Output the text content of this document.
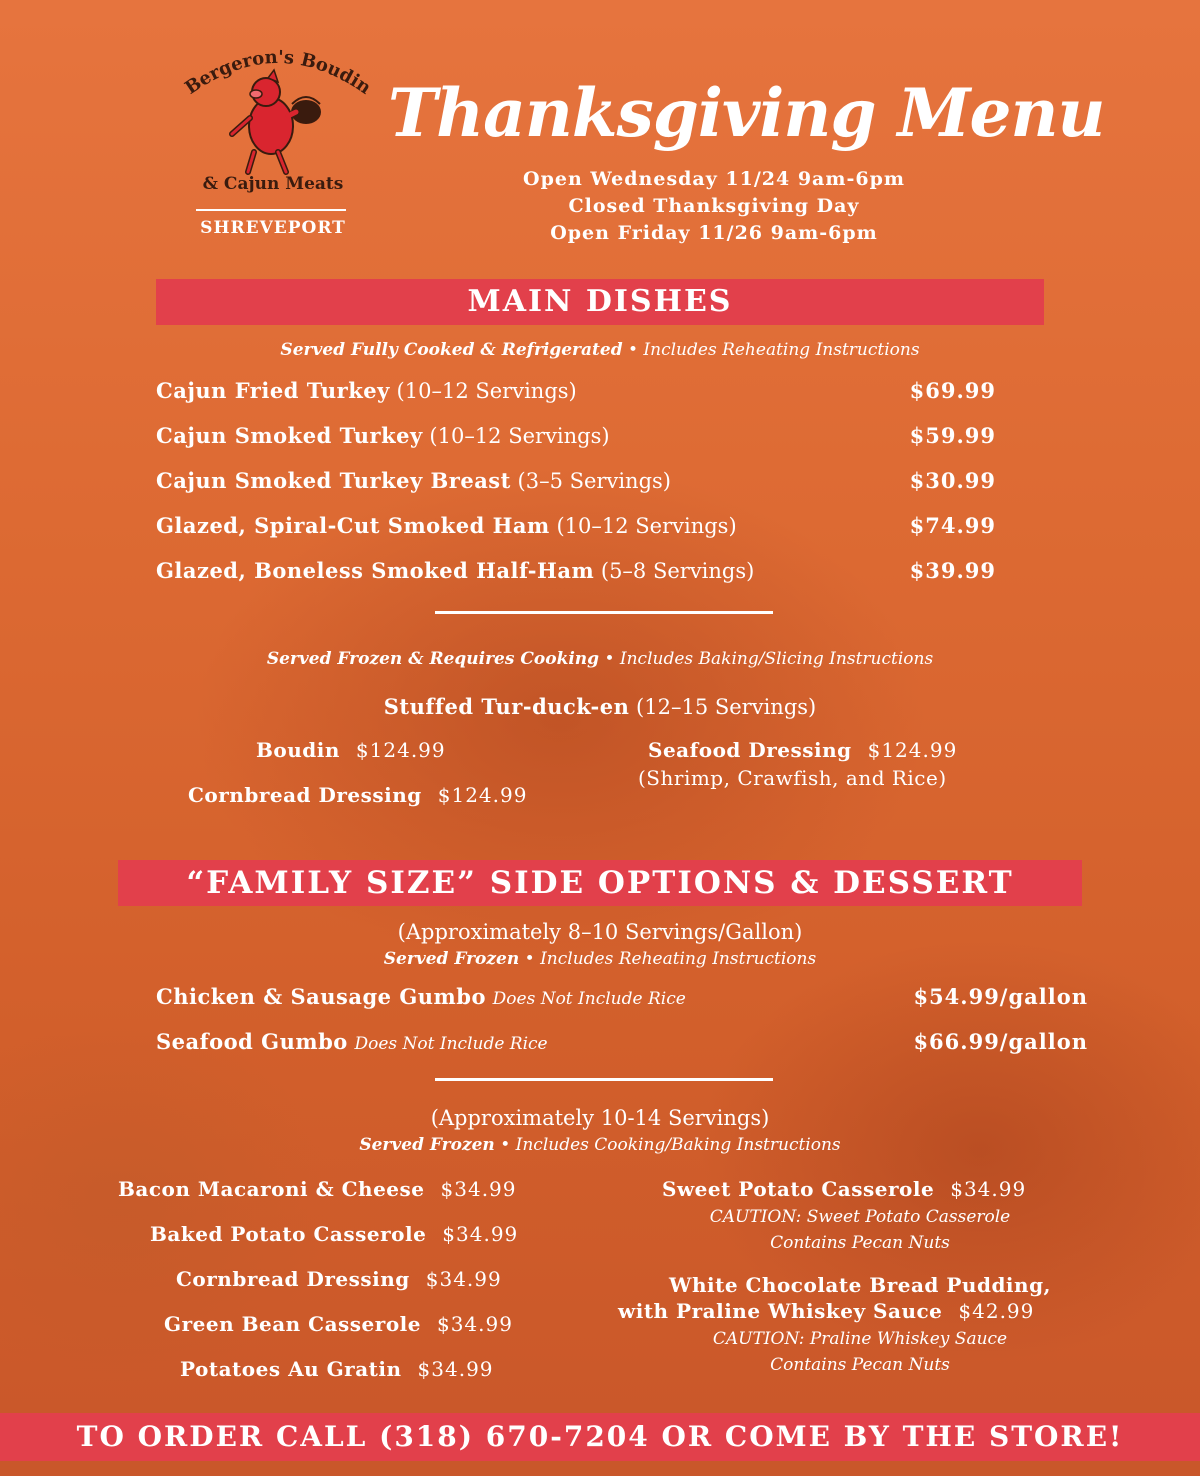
Bergeron's Boudin
& Cajun Meats
SHREVEPORT
Thanksgiving Menu
Open Wednesday 11/24 9am-6pm
Closed Thanksgiving Day
Open Friday 11/26 9am-6pm
MAIN DISHES
Served Fully Cooked & Refrigerated • Includes Reheating Instructions
Cajun Fried Turkey (10–12 Servings)	$69.99
Cajun Smoked Turkey (10–12 Servings)	$59.99
Cajun Smoked Turkey Breast (3–5 Servings)	$30.99
Glazed, Spiral-Cut Smoked Ham (10–12 Servings)	$74.99
Glazed, Boneless Smoked Half-Ham (5–8 Servings)	$39.99
Served Frozen & Requires Cooking • Includes Baking/Slicing Instructions
Stuffed Tur-duck-en (12–15 Servings)
Boudin $124.99
Cornbread Dressing $124.99
Seafood Dressing $124.99
(Shrimp, Crawfish, and Rice)
“FAMILY SIZE” SIDE OPTIONS & DESSERT
(Approximately 8–10 Servings/Gallon)
Served Frozen • Includes Reheating Instructions
Chicken & Sausage Gumbo Does Not Include Rice	$54.99/gallon
Seafood Gumbo Does Not Include Rice	$66.99/gallon
(Approximately 10-14 Servings)
Served Frozen • Includes Cooking/Baking Instructions
Bacon Macaroni & Cheese $34.99
Baked Potato Casserole $34.99
Cornbread Dressing $34.99
Green Bean Casserole $34.99
Potatoes Au Gratin $34.99
Sweet Potato Casserole $34.99
CAUTION: Sweet Potato Casserole
Contains Pecan Nuts
White Chocolate Bread Pudding,
with Praline Whiskey Sauce $42.99
CAUTION: Praline Whiskey Sauce
Contains Pecan Nuts
TO ORDER CALL (318) 670-7204 OR COME BY THE STORE!
